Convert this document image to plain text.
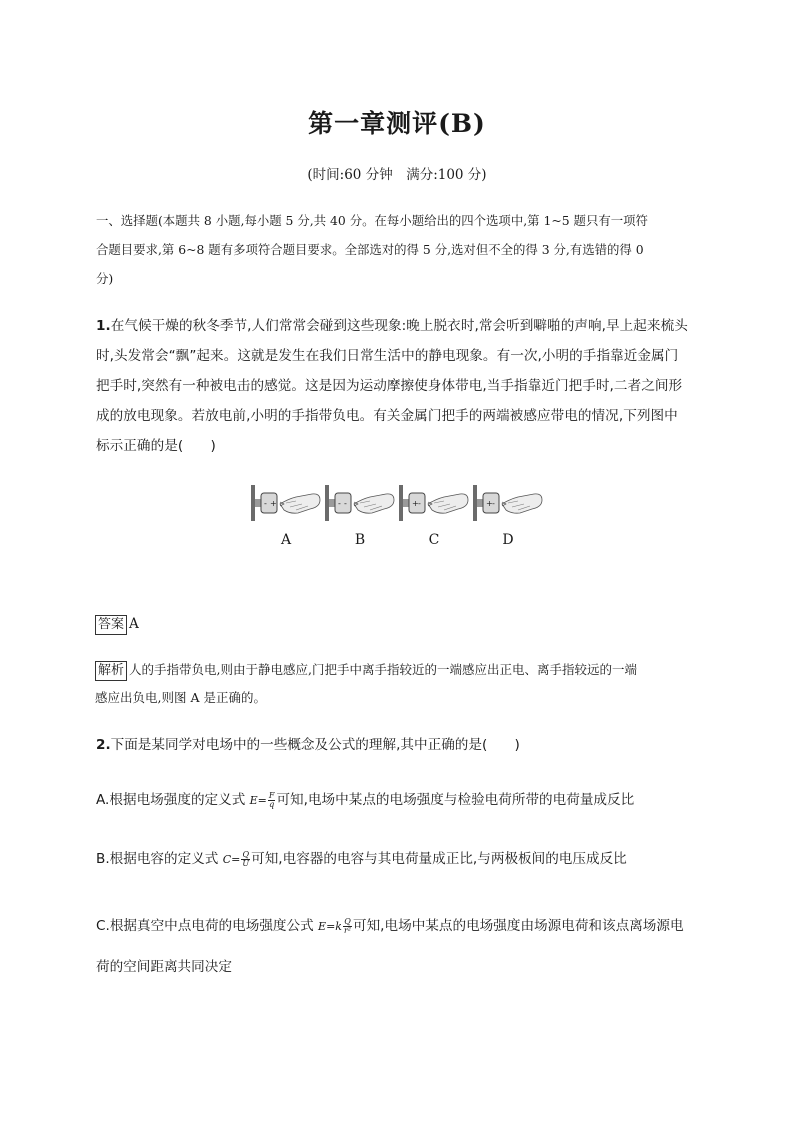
第一章测评(B)
(时间:60 分钟　满分:100 分)
一、选择题(本题共 8 小题,每小题 5 分,共 40 分。在每小题给出的四个选项中,第 1~5 题只有一项符
合题目要求,第 6~8 题有多项符合题目要求。全部选对的得 5 分,选对但不全的得 3 分,有选错的得 0
分)
1.在气候干燥的秋冬季节,人们常常会碰到这些现象:晚上脱衣时,常会听到噼啪的声响,早上起来梳头
时,头发常会“飘”起来。这就是发生在我们日常生活中的静电现象。有一次,小明的手指靠近金属门
把手时,突然有一种被电击的感觉。这是因为运动摩擦使身体带电,当手指靠近门把手时,二者之间形
成的放电现象。若放电前,小明的手指带负电。有关金属门把手的两端被感应带电的情况,下列图中
标示正确的是(　　)
- +	- -	+ -	+ -
A	B	C	D
答案 A
解析 人的手指带负电,则由于静电感应,门把手中离手指较近的一端感应出正电、离手指较远的一端
感应出负电,则图 A 是正确的。
2.下面是某同学对电场中的一些概念及公式的理解,其中正确的是(　　)
A.根据电场强度的定义式 $E= \frac{F}{q}$ 可知,电场中某点的电场强度与检验电荷所带的电荷量成反比
B.根据电容的定义式 $C= \frac{Q}{U}$ 可知,电容器的电容与其电荷量成正比,与两极板间的电压成反比
C.根据真空中点电荷的电场强度公式 $E=k \frac{Q}{\text{r²}}$ 可知,电场中某点的电场强度由场源电荷和该点离场源电
荷的空间距离共同决定
